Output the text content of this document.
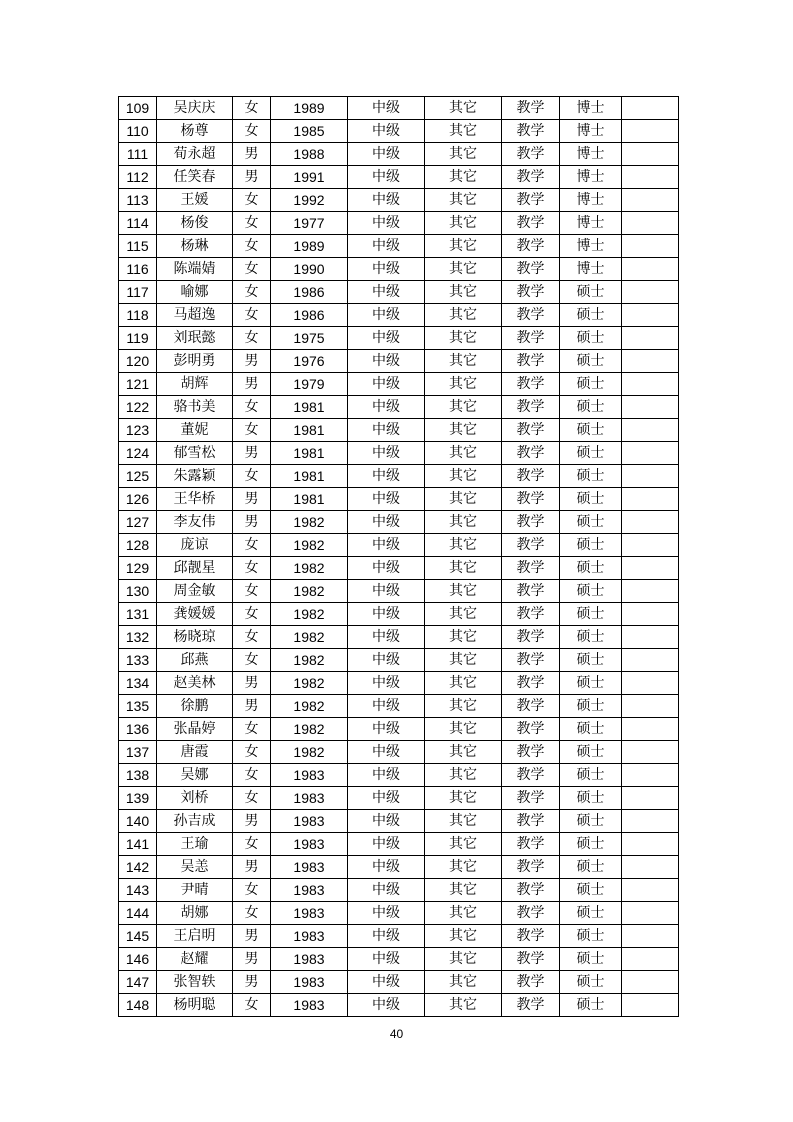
109	吴庆庆	女	1989	中级	其它	教学	博士	
110	杨尊	女	1985	中级	其它	教学	博士	
111	荀永超	男	1988	中级	其它	教学	博士	
112	任笑春	男	1991	中级	其它	教学	博士	
113	王媛	女	1992	中级	其它	教学	博士	
114	杨俊	女	1977	中级	其它	教学	博士	
115	杨琳	女	1989	中级	其它	教学	博士	
116	陈端婧	女	1990	中级	其它	教学	博士	
117	喻娜	女	1986	中级	其它	教学	硕士	
118	马超逸	女	1986	中级	其它	教学	硕士	
119	刘珉懿	女	1975	中级	其它	教学	硕士	
120	彭明勇	男	1976	中级	其它	教学	硕士	
121	胡辉	男	1979	中级	其它	教学	硕士	
122	骆书美	女	1981	中级	其它	教学	硕士	
123	董妮	女	1981	中级	其它	教学	硕士	
124	郁雪松	男	1981	中级	其它	教学	硕士	
125	朱露颖	女	1981	中级	其它	教学	硕士	
126	王华桥	男	1981	中级	其它	教学	硕士	
127	李友伟	男	1982	中级	其它	教学	硕士	
128	庞谅	女	1982	中级	其它	教学	硕士	
129	邱靓星	女	1982	中级	其它	教学	硕士	
130	周金敏	女	1982	中级	其它	教学	硕士	
131	龚媛媛	女	1982	中级	其它	教学	硕士	
132	杨晓琼	女	1982	中级	其它	教学	硕士	
133	邱燕	女	1982	中级	其它	教学	硕士	
134	赵美林	男	1982	中级	其它	教学	硕士	
135	徐鹏	男	1982	中级	其它	教学	硕士	
136	张晶婷	女	1982	中级	其它	教学	硕士	
137	唐霞	女	1982	中级	其它	教学	硕士	
138	吴娜	女	1983	中级	其它	教学	硕士	
139	刘桥	女	1983	中级	其它	教学	硕士	
140	孙吉成	男	1983	中级	其它	教学	硕士	
141	王瑜	女	1983	中级	其它	教学	硕士	
142	吴恙	男	1983	中级	其它	教学	硕士	
143	尹晴	女	1983	中级	其它	教学	硕士	
144	胡娜	女	1983	中级	其它	教学	硕士	
145	王启明	男	1983	中级	其它	教学	硕士	
146	赵耀	男	1983	中级	其它	教学	硕士	
147	张智轶	男	1983	中级	其它	教学	硕士	
148	杨明聪	女	1983	中级	其它	教学	硕士	
40
